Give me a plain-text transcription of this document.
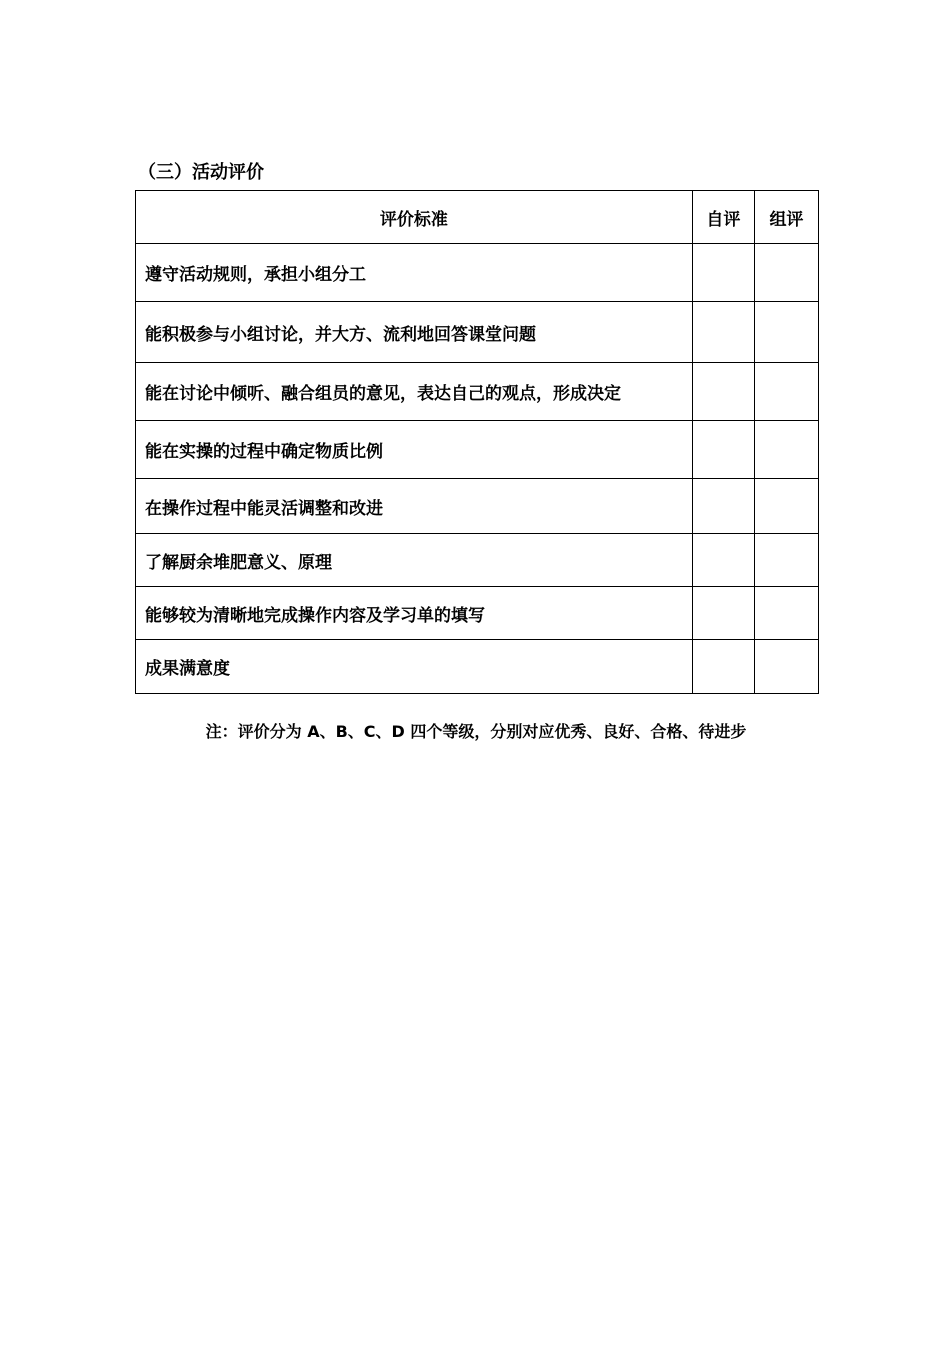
（三）活动评价
评价标准	自评	组评
遵守活动规则，承担小组分工		
能积极参与小组讨论，并大方、流利地回答课堂问题		
能在讨论中倾听、融合组员的意见，表达自己的观点，形成决定		
能在实操的过程中确定物质比例		
在操作过程中能灵活调整和改进		
了解厨余堆肥意义、原理		
能够较为清晰地完成操作内容及学习单的填写		
成果满意度		
注：评价分为 A、B、C、D 四个等级，分别对应优秀、良好、合格、待进步
